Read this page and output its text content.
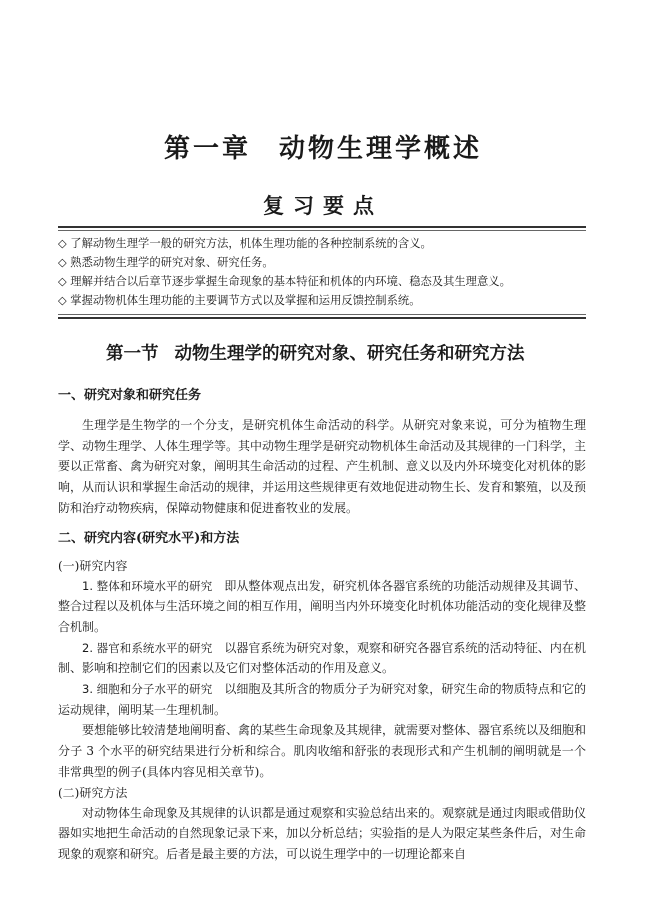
第一章 动物生理学概述
复习要点
◇ 了解动物生理学一般的研究方法，机体生理功能的各种控制系统的含义。
◇ 熟悉动物生理学的研究对象、研究任务。
◇ 理解并结合以后章节逐步掌握生命现象的基本特征和机体的内环境、稳态及其生理意义。
◇ 掌握动物机体生理功能的主要调节方式以及掌握和运用反馈控制系统。
第一节 动物生理学的研究对象、研究任务和研究方法
一、研究对象和研究任务

生理学是生物学的一个分支，是研究机体生命活动的科学。从研究对象来说，可分为植物生理学、动物生理学、人体生理学等。其中动物生理学是研究动物机体生命活动及其规律的一门科学，主要以正常畜、禽为研究对象，阐明其生命活动的过程、产生机制、意义以及内外环境变化对机体的影响，从而认识和掌握生命活动的规律，并运用这些规律更有效地促进动物生长、发育和繁殖，以及预防和治疗动物疾病，保障动物健康和促进畜牧业的发展。

二、研究内容(研究水平)和方法
(一)研究内容

1. 整体和环境水平的研究 即从整体观点出发，研究机体各器官系统的功能活动规律及其调节、整合过程以及机体与生活环境之间的相互作用，阐明当内外环境变化时机体功能活动的变化规律及整合机制。

2. 器官和系统水平的研究 以器官系统为研究对象，观察和研究各器官系统的活动特征、内在机制、影响和控制它们的因素以及它们对整体活动的作用及意义。

3. 细胞和分子水平的研究 以细胞及其所含的物质分子为研究对象，研究生命的物质特点和它的运动规律，阐明某一生理机制。

要想能够比较清楚地阐明畜、禽的某些生命现象及其规律，就需要对整体、器官系统以及细胞和分子 3 个水平的研究结果进行分析和综合。肌肉收缩和舒张的表现形式和产生机制的阐明就是一个非常典型的例子(具体内容见相关章节)。

(二)研究方法

对动物体生命现象及其规律的认识都是通过观察和实验总结出来的。观察就是通过肉眼或借助仪器如实地把生命活动的自然现象记录下来，加以分析总结；实验指的是人为限定某些条件后，对生命现象的观察和研究。后者是最主要的方法，可以说生理学中的一切理论都来自
